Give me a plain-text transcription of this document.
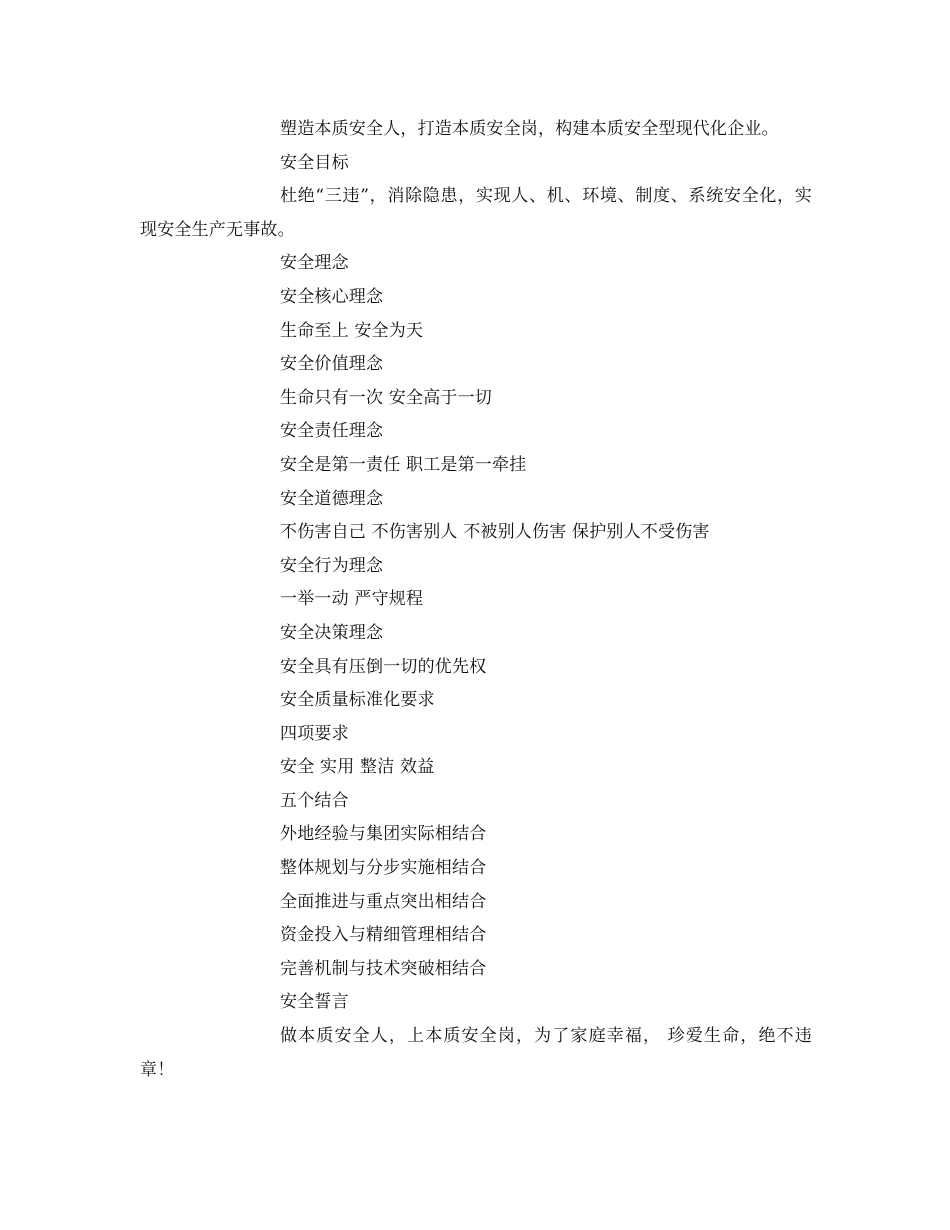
塑造本质安全人，打造本质安全岗，构建本质安全型现代化企业。
安全目标
杜绝“三违”，消除隐患，实现人、机、环境、制度、系统安全化，实现安全生产无事故。
安全理念
安全核心理念
生命至上 安全为天
安全价值理念
生命只有一次 安全高于一切
安全责任理念
安全是第一责任 职工是第一牵挂
安全道德理念
不伤害自己 不伤害别人 不被别人伤害 保护别人不受伤害
安全行为理念
一举一动 严守规程
安全决策理念
安全具有压倒一切的优先权
安全质量标准化要求
四项要求
安全 实用 整洁 效益
五个结合
外地经验与集团实际相结合
整体规划与分步实施相结合
全面推进与重点突出相结合
资金投入与精细管理相结合
完善机制与技术突破相结合
安全誓言
做本质安全人，上本质安全岗，为了家庭幸福， 珍爱生命，绝不违章！
